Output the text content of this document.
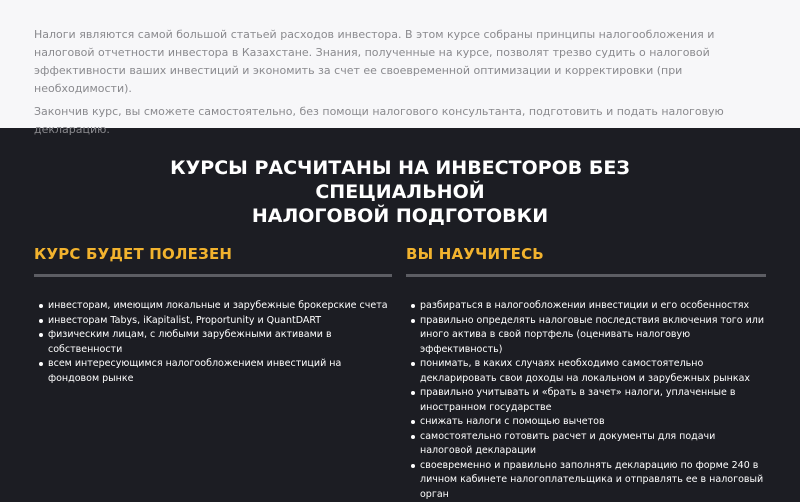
Налоги являются самой большой статьей расходов инвестора. В этом курсе собраны принципы налогообложения и налоговой отчетности инвестора в Казахстане. Знания, полученные на курсе, позволят трезво судить о налоговой эффективности ваших инвестиций и экономить за счет ее своевременной оптимизации и корректировки (при необходимости).

Закончив курс, вы сможете самостоятельно, без помощи налогового консультанта, подготовить и подать налоговую декларацию.

КУРСЫ РАСЧИТАНЫ НА ИНВЕСТОРОВ БЕЗ СПЕЦИАЛЬНОЙ
НАЛОГОВОЙ ПОДГОТОВКИ
КУРС БУДЕТ ПОЛЕЗЕН
инвесторам, имеющим локальные и зарубежные брокерские счета
инвесторам Tabys, iKapitalist, Proportunity и QuantDART
физическим лицам, с любыми зарубежными активами в собственности
всем интересующимся налогообложением инвестиций на фондовом рынке
ВЫ НАУЧИТЕСЬ
разбираться в налогообложении инвестиции и его особенностях
правильно определять налоговые последствия включения того или иного актива в свой портфель (оценивать налоговую эффективность)
понимать, в каких случаях необходимо самостоятельно декларировать свои доходы на локальном и зарубежных рынках
правильно учитывать и «брать в зачет» налоги, уплаченные в иностранном государстве
снижать налоги с помощью вычетов
самостоятельно готовить расчет и документы для подачи налоговой декларации
своевременно и правильно заполнять декларацию по форме 240 в личном кабинете налогоплательщика и отправлять ее в налоговый орган
